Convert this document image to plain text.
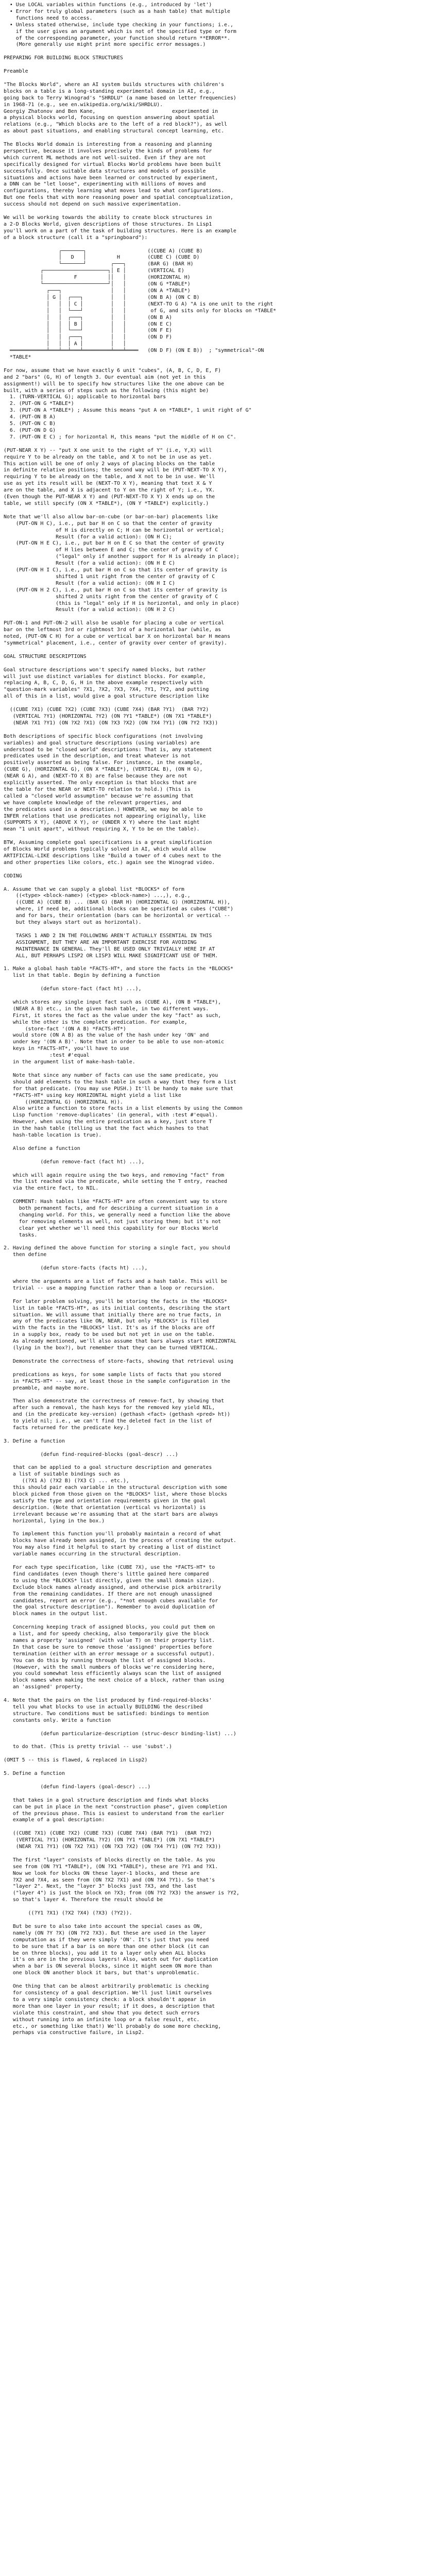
• Use LOCAL variables within functions (e.g., introduced by 'let')
• Error for truly global parameters (such as a hash table) that multiple
functions need to access.
• Unless stated otherwise, include type checking in your functions; i.e.,
if the user gives an argument which is not of the specified type or form
of the corresponding parameter, your function should return **ERROR**.
(More generally use might print more specific error messages.)

PREPARING FOR BUILDING BLOCK STRUCTURES

Preamble

"The Blocks World", where an AI system builds structures with children's
blocks on a table is a long-standing experimental domain in AI, e.g.,
going back to Terry Winograd's "SHRDLU" (a name based on letter frequencies)
in 1968-71 (e.g., see en.wikipedia.org/wiki/SHRDLU).
Georgiy Zhatonov and Ben Kane,                         experimented in
a physical blocks world, focusing on question answering about spatial
relations (e.g., "Which blocks are to the left of a red block?"), as well
as about past situations, and enabling structural concept learning, etc.

The Blocks World domain is interesting from a reasoning and planning
perspective, because it involves precisely the kinds of problems for
which current ML methods are not well-suited. Even if they are not
specifically designed for virtual Blocks World problems have been built
successfully. Once suitable data structures and models of possible
situations and actions have been learned or constructed by experiment,
a DNN can be "let loose", experimenting with millions of moves and
configurations, thereby learning what moves lead to what configurations.
But one feels that with more reasoning power and spatial conceptualization,
success should not depend on such massive experimentation.

We will be working towards the ability to create block structures in
a 2-D Blocks World, given descriptions of those structures. In Lisp1
you'll work on a part of the task of building structures. Here is an example
of a block structure (call it a "springboard"):

┌───────┐                    ((CUBE A) (CUBE B)
│   D   │          H         (CUBE C) (CUBE D)
└───────┘        ┌───┐       (BAR G) (BAR H)
┌─────────────────────┐│ E │       (VERTICAL E)
│          F          ││   │       (HORIZONTAL H)
└─────────────────────┘│   │       (ON G *TABLE*)
┌───┐                │   │       (ON A *TABLE*)
│ G │  ┌───┐         │   │       (ON B A) (ON C B)
│   │  │ C │         │   │       (NEXT-TO G A) "A is one unit to the right
│   │  └───┘         │   │        of G, and sits only for blocks on *TABLE*
│   │  ┌───┐         │   │       (ON B A)
│   │  │ B │         │   │       (ON E C)
│   │  └───┘         │   │       (ON F E)
│   │  ┌───┐         │   │       (ON D F)
│   │  │ A │         │   │
════════════╧═══╧══╧═══╧═════════╧═══╧════   (ON D F) (ON E B))  ; "symmetrical"-ON
*TABLE*

For now, assume that we have exactly 6 unit "cubes", (A, B, C, D, E, F)
and 2 "bars" (G, H) of length 3. Our eventual aim (not yet in this
assignment!) will be to specify how structures like the one above can be
built, with a series of steps such as the following (this might be)
1. (TURN-VERTICAL G); applicable to horizontal bars
2. (PUT-ON G *TABLE*)
3. (PUT-ON A *TABLE*) ; Assume this means "put A on *TABLE*, 1 unit right of G"
4. (PUT-ON B A)
5. (PUT-ON C B)
6. (PUT-ON D G)
7. (PUT-ON E C) ; for horizontal H, this means "put the middle of H on C".

(PUT-NEAR X Y) -- "put X one unit to the right of Y" (i.e, Y,X) will
require Y to be already on the table, and X to not be in use as yet.
This action will be one of only 2 ways of placing blocks on the table
in definite relative positions; the second way will be (PUT-NEXT-TO X Y),
requiring Y to be already on the table, and X not to be in use. We'll
use as yet its result will be (NEXT-TO X Y), meaning that text X & Y
are on the table, and X is adjacent to Y on the right of Y; i.e., YX.
(Even though the PUT-NEAR X Y) and (PUT-NEXT-TO X Y) X ends up on the
table, we still specify (ON X *TABLE*), (ON Y *TABLE*) explicitly.)

Note that we'll also allow bar-on-cube (or bar-on-bar) placements like
(PUT-ON H C), i.e., put bar H on C so that the center of gravity
of H is directly on C; H can be horizontal or vertical;
Result (for a valid action): (ON H C);
(PUT-ON H E C), i.e., put bar H on E C so that the center of gravity
of H lies between E and C; the center of gravity of C
("legal" only if another support for H is already in place);
Result (for a valid action): (ON H E C)
(PUT-ON H I C), i.e., put bar H on C so that its center of gravity is
shifted 1 unit right from the center of gravity of C
Result (for a valid action): (ON H I C)
(PUT-ON H 2 C), i.e., put bar H on C so that its center of gravity is
shifted 2 units right from the center of gravity of C
(this is "legal" only if H is horizontal, and only in place)
Result (for a valid action): (ON H 2 C)

PUT-ON-1 and PUT-ON-2 will also be usable for placing a cube or vertical
bar on the leftmost 3rd or rightmost 3rd of a horizontal bar (while, as
noted, (PUT-ON C H) for a cube or vertical bar X on horizontal bar H means
"symmetrical" placement, i.e., center of gravity over center of gravity).

GOAL STRUCTURE DESCRIPTIONS

Goal structure descriptions won't specify named blocks, but rather
will just use distinct variables for distinct blocks. For example,
replacing A, B, C, D, G, H in the above example respectively with
"question-mark variables" ?X1, ?X2, ?X3, ?X4, ?Y1, ?Y2, and putting
all of this in a list, would give a goal structure description like

((CUBE ?X1) (CUBE ?X2) (CUBE ?X3) (CUBE ?X4) (BAR ?Y1)  (BAR ?Y2)
(VERTICAL ?Y1) (HORIZONTAL ?Y2) (ON ?Y1 *TABLE*) (ON ?X1 *TABLE*)
(NEAR ?X1 ?Y1) (ON ?X2 ?X1) (ON ?X3 ?X2) (ON ?X4 ?Y1) (ON ?Y2 ?X3))

Both descriptions of specific block configurations (not involving
variables) and goal structure descriptions (using variables) are
understood to be "closed world" descriptions: That is, any statement
predicates used in the description, and treat whatever is not
positively asserted as being false. For instance, in the example,
(CUBE G), (HORIZONTAL G), (ON X *TABLE*), (VERTICAL B), (ON H G),
(NEAR G A), and (NEXT-TO X B) are false because they are not
explicitly asserted. The only exception is that blocks that are
the table for the NEAR or NEXT-TO relation to hold.) (This is
called a "closed world assumption" because we're assuming that
we have complete knowledge of the relevant properties, and
the predicates used in a description.) HOWEVER, we may be able to
INFER relations that use predicates not appearing originally, like
(SUPPORTS X Y), (ABOVE X Y), or (UNDER X Y) where the last might
mean "1 unit apart", without requiring X, Y to be on the table).

BTW, Assuming complete goal specifications is a great simplification
of Blocks World problems typically solved in AI, which would allow
ARTIFICIAL-LIKE descriptions like "Build a tower of 4 cubes next to the
and other properties like colors, etc.) again see the Winograd video.

CODING

A. Assume that we can supply a global list *BLOCKS* of form
((<type> <block-name>) (<type> <block-name>) ...,), e.g.,
((CUBE A) (CUBE B) ... (BAR G) (BAR H) (HORIZONTAL G) (HORIZONTAL H)),
where, if need be, additional blocks can be specified as cubes ("CUBE")
and for bars, their orientation (bars can be horizontal or vertical --
but they always start out as horizontal).

TASKS 1 AND 2 IN THE FOLLOWING AREN'T ACTUALLY ESSENTIAL IN THIS
ASSIGNMENT, BUT THEY ARE AN IMPORTANT EXERCISE FOR AVOIDING
MAINTENANCE IN GENERAL. They'll BE USED ONLY TRIVIALLY HERE IF AT
ALL, BUT PERHAPS LISP2 OR LISP3 WILL MAKE SIGNIFICANT USE OF THEM.

1. Make a global hash table *FACTS-HT*, and store the facts in the *BLOCKS*
list in that table. Begin by defining a function

(defun store-fact (fact ht) ...),

which stores any single input fact such as (CUBE A), (ON B *TABLE*),
(NEAR A B) etc., in the given hash table, in two different ways.
First, it stores the fact as the value under the key "fact" as such,
while the other is the complete predication. For example,
(store-fact '(ON A B) *FACTS-HT*)
would store (ON A B) as the value of the hash under key 'ON' and
under key '(ON A B)'. Note that in order to be able to use non-atomic
keys in *FACTS-HT*, you'll have to use
:test #'equal
in the argument list of make-hash-table.

Note that since any number of facts can use the same predicate, you
should add elements to the hash table in such a way that they form a list
for that predicate. (You may use PUSH.) It'll be handy to make sure that
*FACTS-HT* using key HORIZONTAL might yield a list like
((HORIZONTAL G) (HORIZONTAL H)).
Also write a function to store facts in a list elements by using the Common
Lisp function 'remove-duplicates' (in general, with :test #'equal).
However, when using the entire predication as a key, just store T
in the hash table (telling us that the fact which hashes to that
hash-table location is true).

Also define a function

(defun remove-fact (fact ht) ...),

which will again require using the two keys, and removing "fact" from
the list reached via the predicate, while setting the T entry, reached
via the entire fact, to NIL.

COMMENT: Hash tables like *FACTS-HT* are often convenient way to store
both permanent facts, and for describing a current situation in a
changing world. For this, we generally need a function like the above
for removing elements as well, not just storing them; but it's not
clear yet whether we'll need this capability for our Blocks World
tasks.

2. Having defined the above function for storing a single fact, you should
then define

(defun store-facts (facts ht) ...),

where the arguments are a list of facts and a hash table. This will be
trivial -- use a mapping function rather than a loop or recursion.

For later problem solving, you'll be storing the facts in the *BLOCKS*
list in table *FACTS-HT*, as its initial contents, describing the start
situation. We will assume that initially there are no true facts, in
any of the predicates like ON, NEAR, but only *BLOCKS* is filled
with the facts in the *BLOCKS* list. It's as if the blocks are off
in a supply box, ready to be used but not yet in use on the table.
As already mentioned, we'll also assume that bars always start HORIZONTAL
(lying in the box?), but remember that they can be turned VERTICAL.

Demonstrate the correctness of store-facts, showing that retrieval using

predications as keys, for some sample lists of facts that you stored
in *FACTS-HT* -- say, at least those in the sample configuration in the
preamble, and maybe more.

Then also demonstrate the correctness of remove-fact, by showing that
after such a removal, the hash keys for the removed key yield NIL,
and (in the predicate key-version) (gethash <fact> (gethash <pred> ht))
to yield nil; i.e., we can't find the deleted fact in the list of
facts returned for the predicate key.]

3. Define a function

(defun find-required-blocks (goal-descr) ...)

that can be applied to a goal structure description and generates
a list of suitable bindings such as
((?X1 A) (?X2 B) (?X3 C) ... etc.),
this should pair each variable in the structural description with some
block picked from those given on the *BLOCKS* list, where those blocks
satisfy the type and orientation requirements given in the goal
description. (Note that orientation (vertical vs horizontal) is
irrelevant because we're assuming that at the start bars are always
horizontal, lying in the box.)

To implement this function you'll probably maintain a record of what
blocks have already been assigned, in the process of creating the output.
You may also find it helpful to start by creating a list of distinct
variable names occurring in the structural description.

For each type specification, like (CUBE ?X), use the *FACTS-HT* to
find candidates (even though there's little gained here compared
to using the *BLOCKS* list directly, given the small domain size).
Exclude block names already assigned, and otherwise pick arbitrarily
from the remaining candidates. If there are not enough unassigned
candidates, report an error (e.g., "*not enough cubes available for
the goal structure description"). Remember to avoid duplication of
block names in the output list.

Concerning keeping track of assigned blocks, you could put them on
a list, and for speedy checking, also temporarily give the block
names a property 'assigned' (with value T) on their property list.
In that case be sure to remove those 'assigned' properties before
termination (either with an error message or a successful output).
You can do this by running through the list of assigned blocks.
(However, with the small numbers of blocks we're considering here,
you could somewhat less efficiently always scan the list of assigned
block names when making the next choice of a block, rather than using
an 'assigned' property.

4. Note that the pairs on the list produced by find-required-blocks'
tell you what blocks to use in actually BUILDING the described
structure. Two conditions must be satisfied: bindings to mention
constants only. Write a function

(defun particularize-description (struc-descr binding-list) ...)

to do that. (This is pretty trivial -- use 'subst'.)

(OMIT 5 -- this is flawed, & replaced in Lisp2)

5. Define a function

(defun find-layers (goal-descr) ...)

that takes in a goal structure description and finds what blocks
can be put in place in the next "construction phase", given completion
of the previous phase. This is easiest to understand from the earlier
example of a goal description:

((CUBE ?X1) (CUBE ?X2) (CUBE ?X3) (CUBE ?X4) (BAR ?Y1)  (BAR ?Y2)
(VERTICAL ?Y1) (HORIZONTAL ?Y2) (ON ?Y1 *TABLE*) (ON ?X1 *TABLE*)
(NEAR ?X1 ?Y1) (ON ?X2 ?X1) (ON ?X3 ?X2) (ON ?X4 ?Y1) (ON ?Y2 ?X3))

The first "layer" consists of blocks directly on the table. As you
see from (ON ?Y1 *TABLE*), (ON ?X1 *TABLE*), these are ?Y1 and ?X1.
Now we look for blocks ON these layer-1 blocks, and these are
?X2 and ?X4, as seen from (ON ?X2 ?X1) and (ON ?X4 ?Y1). So that's
"layer 2". Next, the "layer 3" blocks just ?X3, and the last
("layer 4") is just the block on ?X3; from (ON ?Y2 ?X3) the answer is ?Y2,
so that's layer 4. Therefore the result should be

((?Y1 ?X1) (?X2 ?X4) (?X3) (?Y2)).

But be sure to also take into account the special cases as ON,
namely (ON ?Y ?X) (ON ?Y2 ?X3). But these are used in the layer
computation as if they were simply 'ON'. It's just that you need
to be sure that if a bar is on more than one other block (it can
be on three blocks), you add it to a layer only when ALL blocks
it's on are in the previous layers! Also, watch out for duplication
when a bar is ON several blocks, since it might seem ON more than
one block ON another block it bars, but that's unproblematic.

One thing that can be almost arbitrarily problematic is checking
for consistency of a goal description. We'll just limit ourselves
to a very simple consistency check: a block shouldn't appear in
more than one layer in your result; if it does, a description that
violate this constraint, and show that you detect such errors
without running into an infinite loop or a false result, etc.
etc., or something like that!) We'll probably do some more checking,
perhaps via constructive failure, in Lisp2.
